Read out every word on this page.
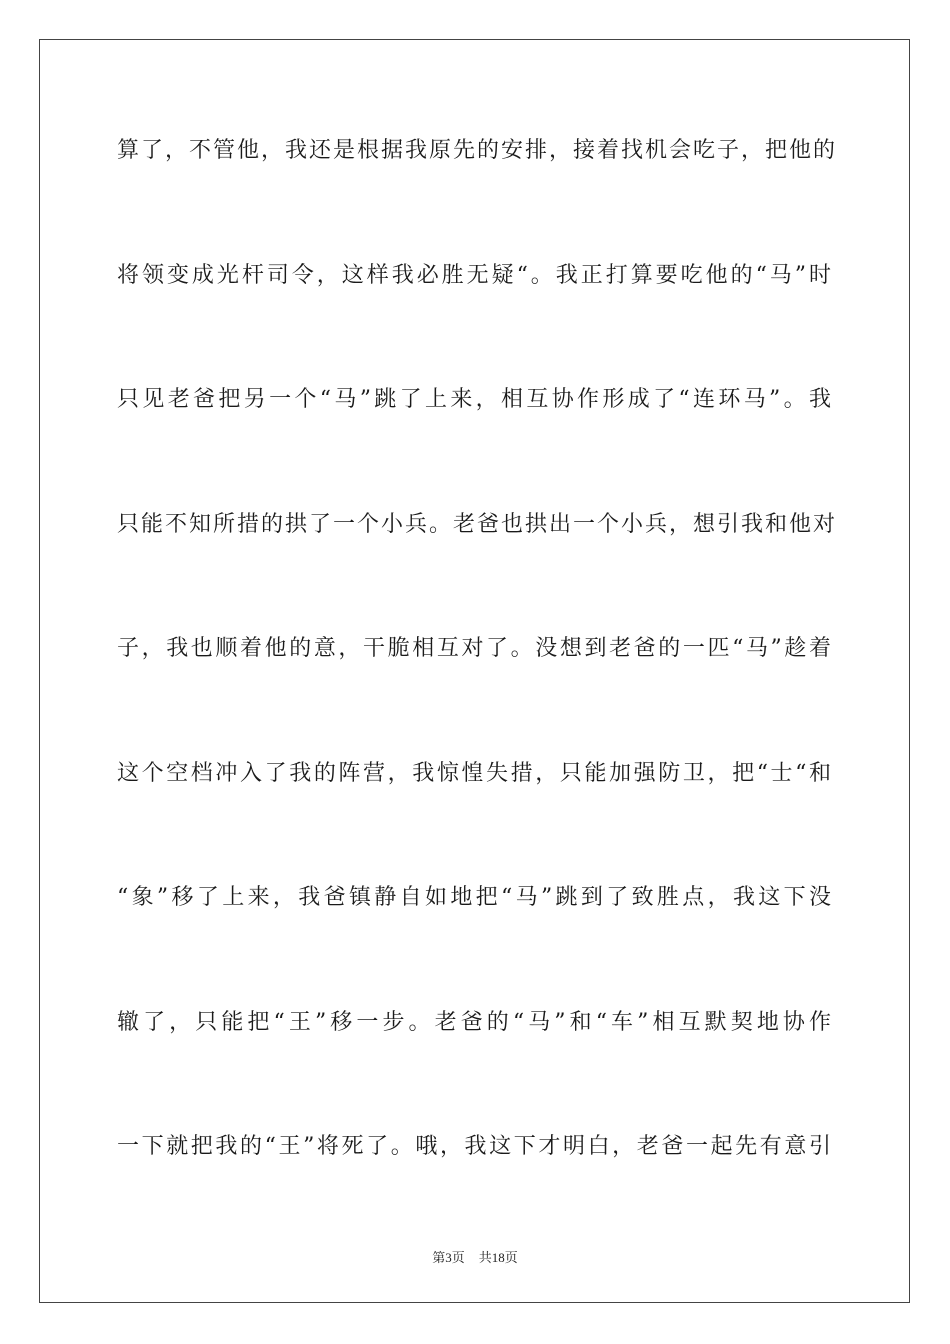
算了，不管他，我还是根据我原先的安排，接着找机会吃子，把他的
将领变成光杆司令，这样我必胜无疑“。我正打算要吃他的“马”时
只见老爸把另一个“马”跳了上来，相互协作形成了“连环马”。我
只能不知所措的拱了一个小兵。老爸也拱出一个小兵，想引我和他对
子，我也顺着他的意，干脆相互对了。没想到老爸的一匹“马”趁着
这个空档冲入了我的阵营，我惊惶失措，只能加强防卫，把“士“和
“象”移了上来，我爸镇静自如地把“马”跳到了致胜点，我这下没
辙了，只能把“王”移一步。老爸的“马”和“车”相互默契地协作
一下就把我的“王”将死了。哦，我这下才明白，老爸一起先有意引
第3页 共18页
